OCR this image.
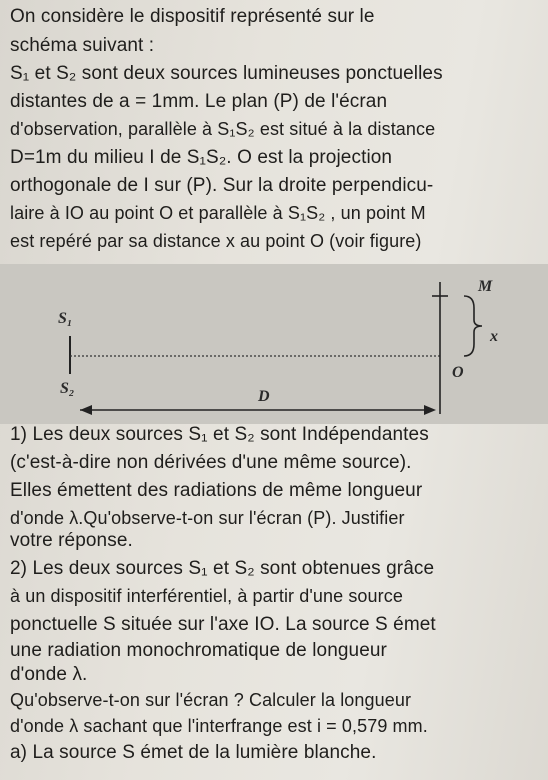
On considère le dispositif représenté sur le
schéma suivant :
S₁ et S₂ sont deux sources lumineuses ponctuelles
distantes de a = 1mm. Le plan (P) de l'écran
d'observation, parallèle à S₁S₂ est situé à la distance
D=1m du milieu I de S₁S₂. O est la projection
orthogonale de I sur (P). Sur la droite perpendicu-
laire à IO au point O et parallèle à S₁S₂ , un point M
est repéré par sa distance x au point O (voir figure)
S₁
S₂	D
M
x
O
1) Les deux sources S₁ et S₂ sont Indépendantes
(c'est-à-dire non dérivées d'une même source).
Elles émettent des radiations de même longueur
d'onde λ.Qu'observe-t-on sur l'écran (P). Justifier
votre réponse.
2) Les deux sources S₁ et S₂ sont obtenues grâce
à un dispositif interférentiel, à partir d'une source
ponctuelle S située sur l'axe IO. La source S émet
une radiation monochromatique de longueur
d'onde λ.
Qu'observe-t-on sur l'écran ? Calculer la longueur
d'onde λ sachant que l'interfrange est i = 0,579 mm.
a) La source S émet de la lumière blanche.
